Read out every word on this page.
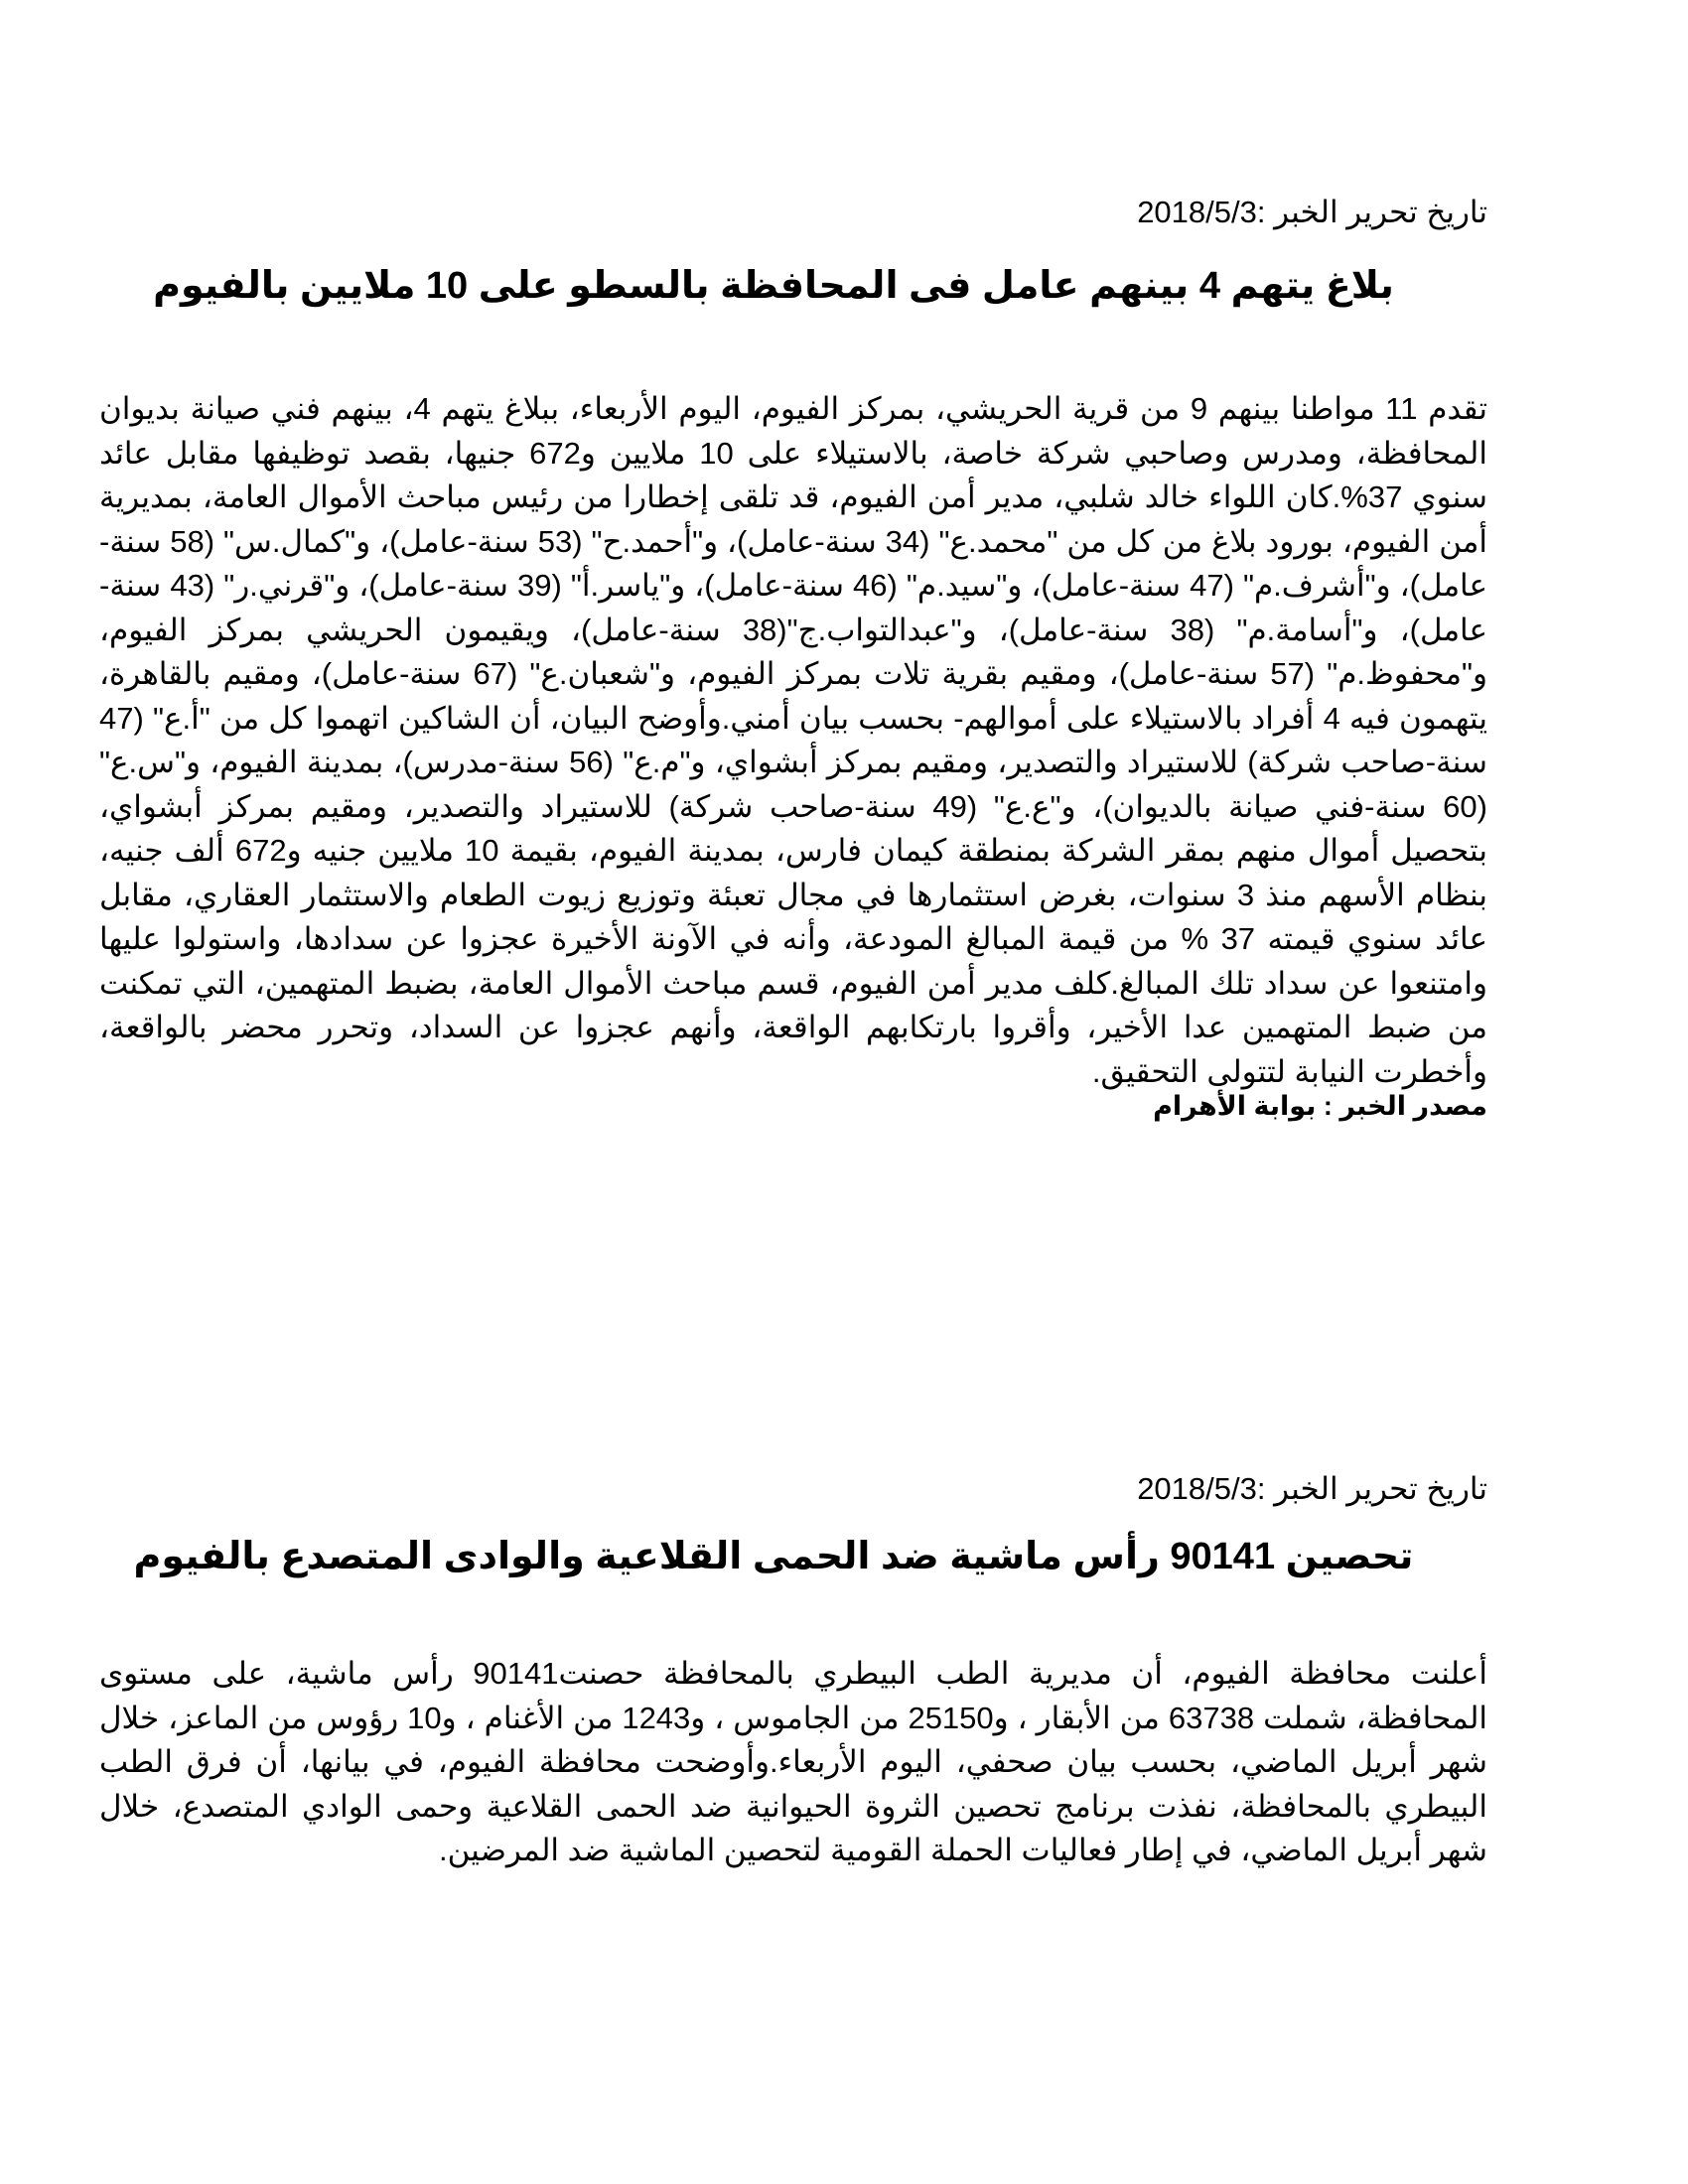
تاريخ تحرير الخبر :2018/5/3

بلاغ يتهم 4 بينهم عامل فى المحافظة بالسطو على 10 ملايين بالفيوم

تقدم 11 مواطنا بينهم 9 من قرية الحريشي، بمركز الفيوم، اليوم الأربعاء، ببلاغ يتهم 4، بينهم فني صيانة بديوان المحافظة، ومدرس وصاحبي شركة خاصة، بالاستيلاء على 10 ملايين و672 جنيها، بقصد توظيفها مقابل عائد سنوي 37%.كان اللواء خالد شلبي، مدير أمن الفيوم، قد تلقى إخطارا من رئيس مباحث الأموال العامة، بمديرية أمن الفيوم، بورود بلاغ من كل من "محمد.ع" (34 سنة-عامل)، و"أحمد.ح" (53 سنة-عامل)، و"كمال.س" (58 سنة-عامل)، و"أشرف.م" (47 سنة-عامل)، و"سيد.م" (46 سنة-عامل)، و"ياسر.أ" (39 سنة-عامل)، و"قرني.ر" (43 سنة-عامل)، و"أسامة.م" (38 سنة-عامل)، و"عبدالتواب.ج"(38 سنة-عامل)، ويقيمون الحريشي بمركز الفيوم، و"محفوظ.م" (57 سنة-عامل)، ومقيم بقرية تلات بمركز الفيوم، و"شعبان.ع" (67 سنة-عامل)، ومقيم بالقاهرة، يتهمون فيه 4 أفراد بالاستيلاء على أموالهم- بحسب بيان أمني.وأوضح البيان، أن الشاكين اتهموا كل من "أ.ع" (47 سنة-صاحب شركة) للاستيراد والتصدير، ومقيم بمركز أبشواي، و"م.ع" (56 سنة-مدرس)، بمدينة الفيوم، و"س.ع" (60 سنة-فني صيانة بالديوان)، و"ع.ع" (49 سنة-صاحب شركة) للاستيراد والتصدير، ومقيم بمركز أبشواي، بتحصيل أموال منهم بمقر الشركة بمنطقة كيمان فارس، بمدينة الفيوم، بقيمة 10 ملايين جنيه و672 ألف جنيه، بنظام الأسهم منذ 3 سنوات، بغرض استثمارها في مجال تعبئة وتوزيع زيوت الطعام والاستثمار العقاري، مقابل عائد سنوي قيمته 37 % من قيمة المبالغ المودعة، وأنه في الآونة الأخيرة عجزوا عن سدادها، واستولوا عليها وامتنعوا عن سداد تلك المبالغ.كلف مدير أمن الفيوم، قسم مباحث الأموال العامة، بضبط المتهمين، التي تمكنت من ضبط المتهمين عدا الأخير، وأقروا بارتكابهم الواقعة، وأنهم عجزوا عن السداد، وتحرر محضر بالواقعة، وأخطرت النيابة لتتولى التحقيق.

مصدر الخبر : بوابة الأهرام

تاريخ تحرير الخبر :2018/5/3

تحصين 90141 رأس ماشية ضد الحمى القلاعية والوادى المتصدع بالفيوم

أعلنت محافظة الفيوم، أن مديرية الطب البيطري بالمحافظة حصنت90141 رأس ماشية، على مستوى المحافظة، شملت 63738 من الأبقار ، و25150 من الجاموس ، و1243 من الأغنام ، و10 رؤوس من الماعز، خلال شهر أبريل الماضي، بحسب بيان صحفي، اليوم الأربعاء.وأوضحت محافظة الفيوم، في بيانها، أن فرق الطب البيطري بالمحافظة، نفذت برنامج تحصين الثروة الحيوانية ضد الحمى القلاعية وحمى الوادي المتصدع، خلال شهر أبريل الماضي، في إطار فعاليات الحملة القومية لتحصين الماشية ضد المرضين.
